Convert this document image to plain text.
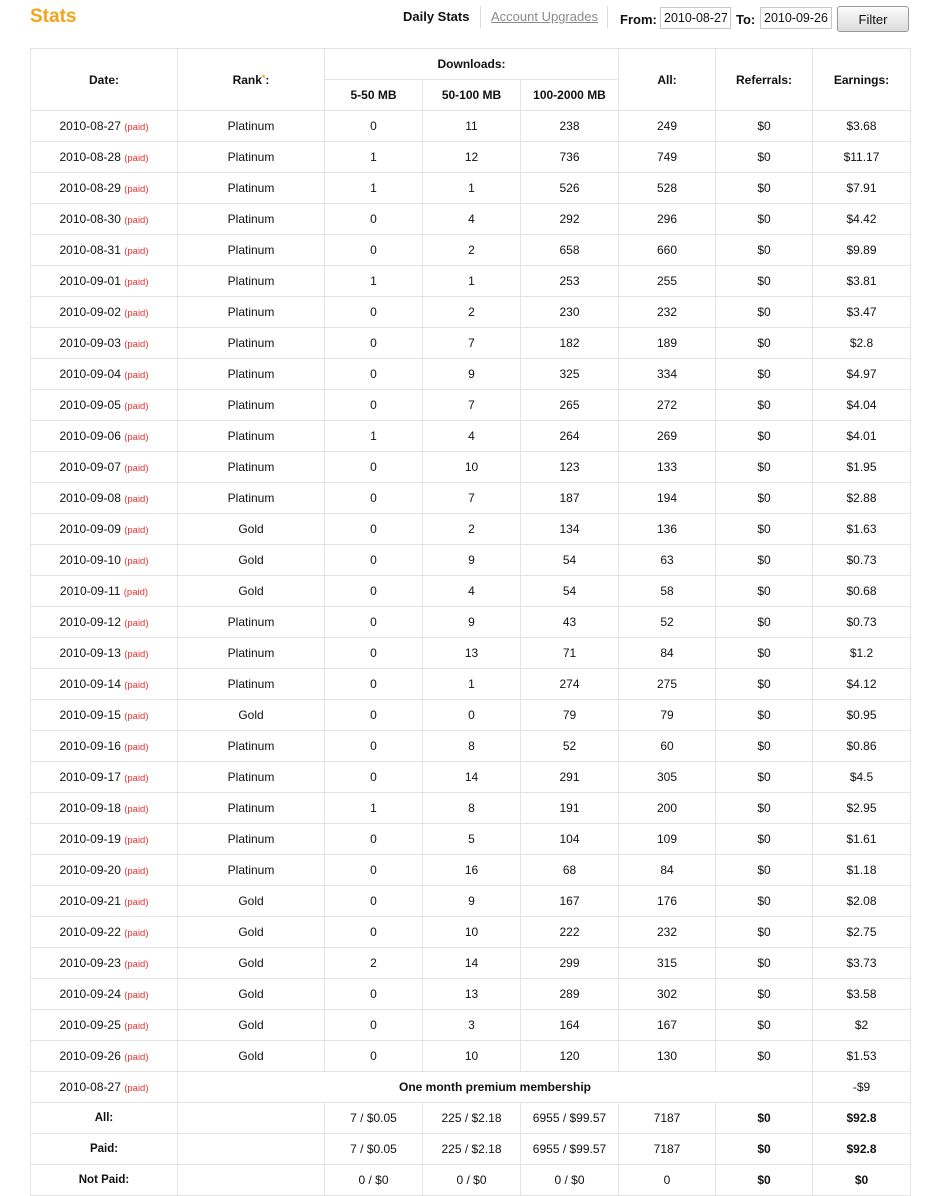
Stats	Daily Stats Account Upgrades From:
2010-08-27	To:
2010-09-26	Filter
Date:	Rank*:	Downloads:			All:	Referrals:	Earnings:
		5-50 MB	50-100 MB	100-2000 MB			
2010-08-27 (paid)	Platinum	0	11	238	249	$0	$3.68
2010-08-28 (paid)	Platinum	1	12	736	749	$0	$11.17
2010-08-29 (paid)	Platinum	1	1	526	528	$0	$7.91
2010-08-30 (paid)	Platinum	0	4	292	296	$0	$4.42
2010-08-31 (paid)	Platinum	0	2	658	660	$0	$9.89
2010-09-01 (paid)	Platinum	1	1	253	255	$0	$3.81
2010-09-02 (paid)	Platinum	0	2	230	232	$0	$3.47
2010-09-03 (paid)	Platinum	0	7	182	189	$0	$2.8
2010-09-04 (paid)	Platinum	0	9	325	334	$0	$4.97
2010-09-05 (paid)	Platinum	0	7	265	272	$0	$4.04
2010-09-06 (paid)	Platinum	1	4	264	269	$0	$4.01
2010-09-07 (paid)	Platinum	0	10	123	133	$0	$1.95
2010-09-08 (paid)	Platinum	0	7	187	194	$0	$2.88
2010-09-09 (paid)	Gold	0	2	134	136	$0	$1.63
2010-09-10 (paid)	Gold	0	9	54	63	$0	$0.73
2010-09-11 (paid)	Gold	0	4	54	58	$0	$0.68
2010-09-12 (paid)	Platinum	0	9	43	52	$0	$0.73
2010-09-13 (paid)	Platinum	0	13	71	84	$0	$1.2
2010-09-14 (paid)	Platinum	0	1	274	275	$0	$4.12
2010-09-15 (paid)	Gold	0	0	79	79	$0	$0.95
2010-09-16 (paid)	Platinum	0	8	52	60	$0	$0.86
2010-09-17 (paid)	Platinum	0	14	291	305	$0	$4.5
2010-09-18 (paid)	Platinum	1	8	191	200	$0	$2.95
2010-09-19 (paid)	Platinum	0	5	104	109	$0	$1.61
2010-09-20 (paid)	Platinum	0	16	68	84	$0	$1.18
2010-09-21 (paid)	Gold	0	9	167	176	$0	$2.08
2010-09-22 (paid)	Gold	0	10	222	232	$0	$2.75
2010-09-23 (paid)	Gold	2	14	299	315	$0	$3.73
2010-09-24 (paid)	Gold	0	13	289	302	$0	$3.58
2010-09-25 (paid)	Gold	0	3	164	167	$0	$2
2010-09-26 (paid)	Gold	0	10	120	130	$0	$1.53
2010-08-27 (paid)	One month premium membership						-$9
All:		7 / $0.05	225 / $2.18	6955 / $99.57	7187	$0	$92.8
Paid:		7 / $0.05	225 / $2.18	6955 / $99.57	7187	$0	$92.8
Not Paid:		0 / $0	0 / $0	0 / $0	0	$0	$0
